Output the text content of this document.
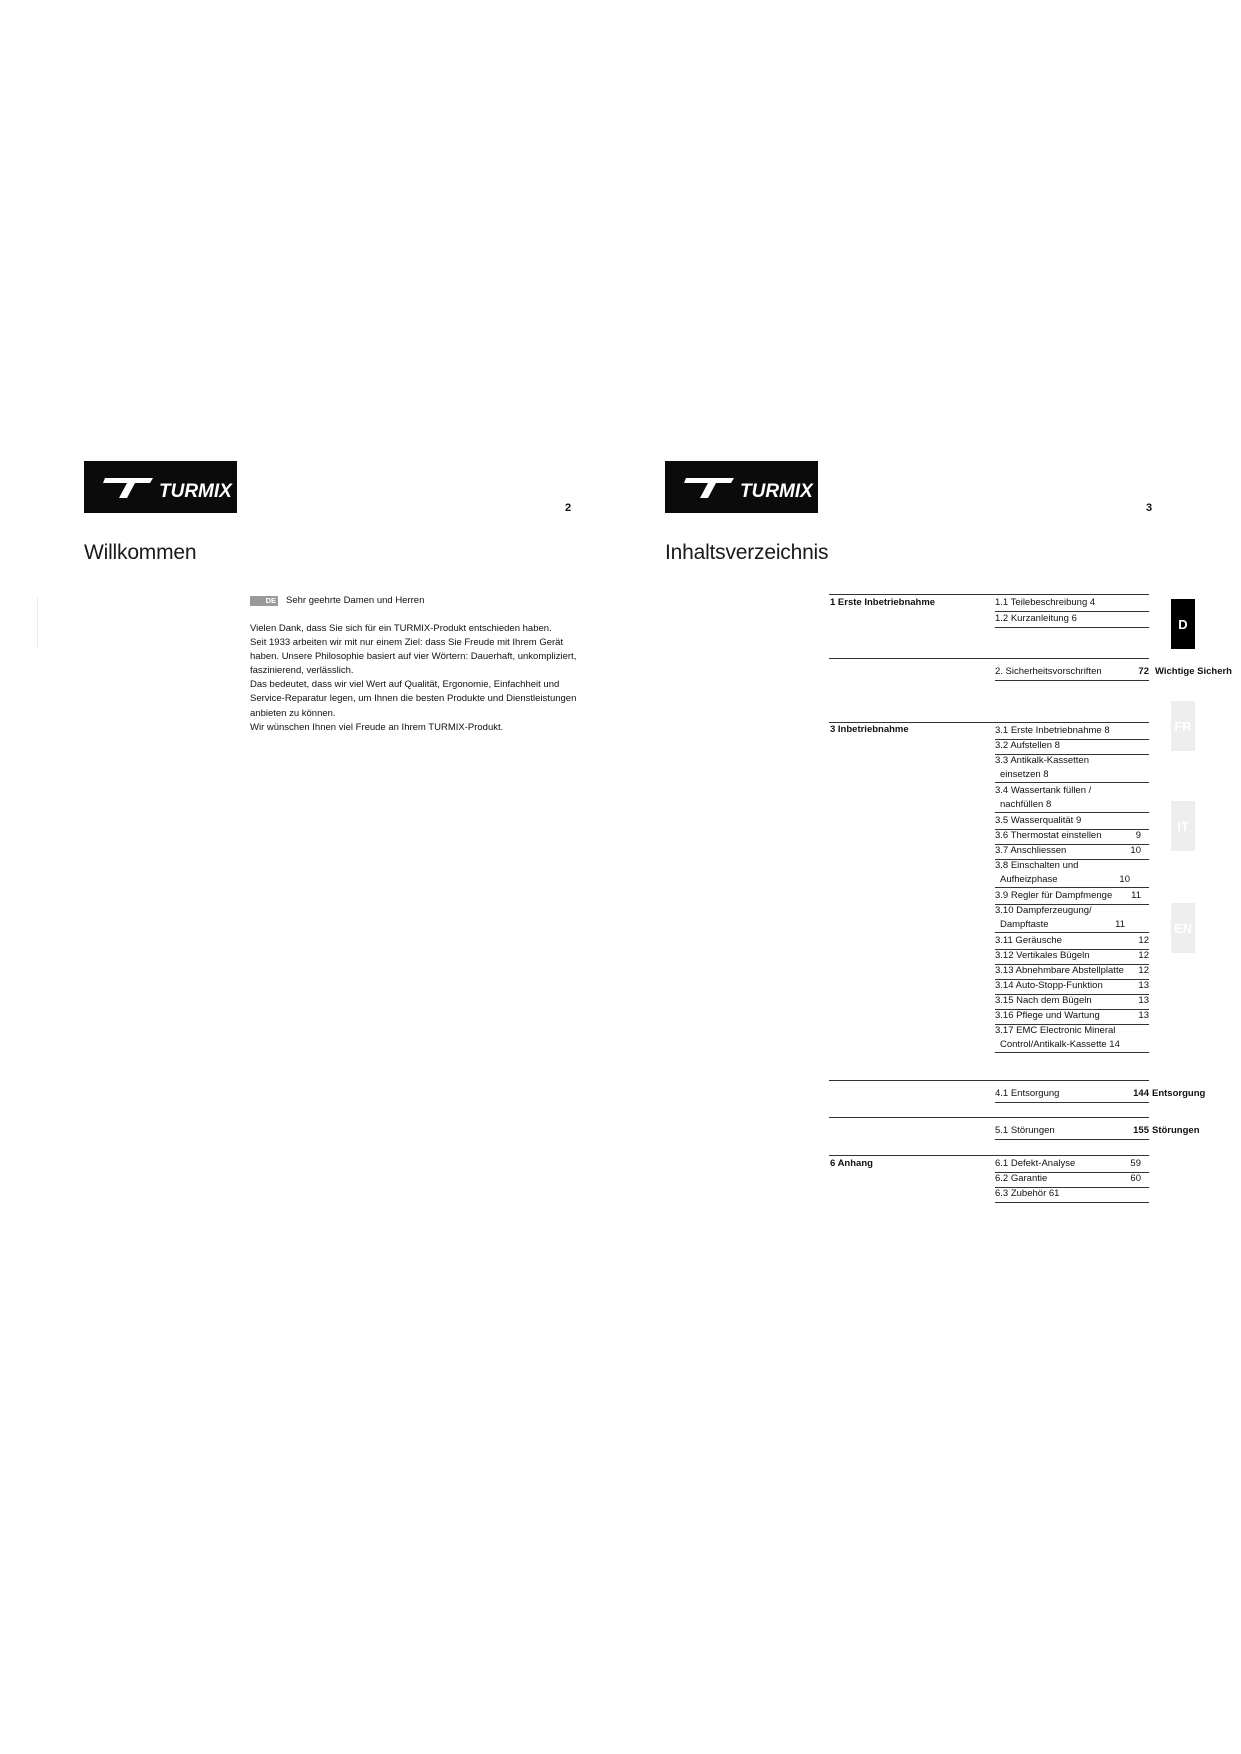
TURMIX
2
Willkommen
DE Sehr geehrte Damen und Herren
Vielen Dank, dass Sie sich für ein TURMIX-Produkt entschieden haben.
Seit 1933 arbeiten wir mit nur einem Ziel: dass Sie Freude mit Ihrem Gerät
haben. Unsere Philosophie basiert auf vier Wörtern: Dauerhaft, unkompliziert,
faszinierend, verlässlich.
Das bedeutet, dass wir viel Wert auf Qualität, Ergonomie, Einfachheit und
Service-Reparatur legen, um Ihnen die besten Produkte und Dienstleistungen
anbieten zu können.
Wir wünschen Ihnen viel Freude an Ihrem TURMIX-Produkt.
TURMIX
3
Inhaltsverzeichnis
D
FR
IT
EN
1 Erste Inbetriebnahme	1.1 Teilebeschreibung 4
1.2 Kurzanleitung 6
2. Sicherheitsvorschriften	72 Wichtige Sicherh
3 Inbetriebnahme	3.1 Erste Inbetriebnahme 8
3.2 Aufstellen 8
3.3 Antikalk-Kassetten
einsetzen 8
3.4 Wassertank füllen /
nachfüllen 8
3.5 Wasserqualität 9
3.6 Thermostat einstellen	9
3.7 Anschliessen	10
3.8 Einschalten und
Aufheizphase	10
3.9 Regler für Dampfmenge 11
3.10 Dampferzeugung/
Dampftaste	11
3.11 Geräusche	12
3.12 Vertikales Bügeln	12
3.13 Abnehmbare Abstellplatte 12
3.14 Auto-Stopp-Funktion	13
3.15 Nach dem Bügeln	13
3.16 Pflege und Wartung	13
3.17 EMC Electronic Mineral
Control/Antikalk-Kassette 14
4.1 Entsorgung	144 Entsorgung
5.1 Störungen	155 Störungen
6 Anhang	6.1 Defekt-Analyse	59
6.2 Garantie	60
6.3 Zubehör 61
